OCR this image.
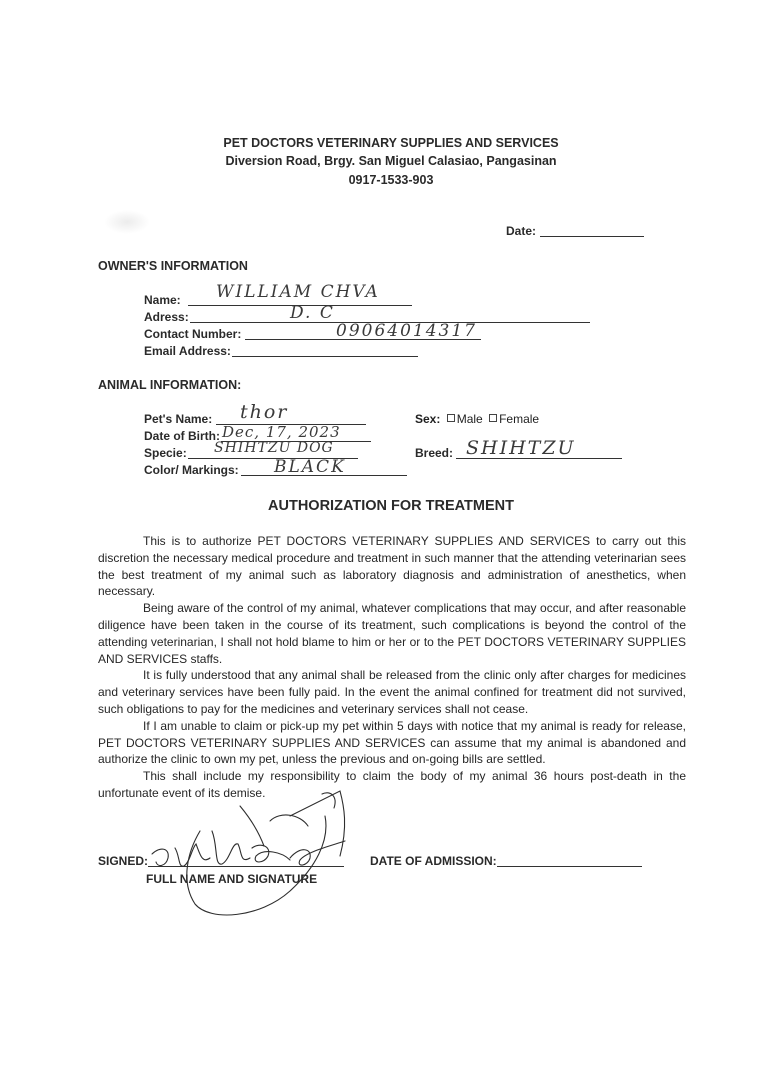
PET DOCTORS VETERINARY SUPPLIES AND SERVICES
Diversion Road, Brgy. San Miguel Calasiao, Pangasinan
0917-1533-903
Date:
OWNER'S INFORMATION
Name: WILLIAM CHVA
Adress:	D. C
Contact Number:	09064014317
Email Address:
ANIMAL INFORMATION:
Pet's Name: thor
Date of Birth: Dec, 17, 2023
Specie: SHIHTZU DOG
Color/ Markings: BLACK
Sex: Male Female
Breed: SHIHTZU
AUTHORIZATION FOR TREATMENT

This is to authorize PET DOCTORS VETERINARY SUPPLIES AND SERVICES to carry out this discretion the necessary medical procedure and treatment in such manner that the attending veterinarian sees the best treatment of my animal such as laboratory diagnosis and administration of anesthetics, when necessary.

Being aware of the control of my animal, whatever complications that may occur, and after reasonable diligence have been taken in the course of its treatment, such complications is beyond the control of the attending veterinarian, I shall not hold blame to him or her or to the PET DOCTORS VETERINARY SUPPLIES AND SERVICES staffs.

It is fully understood that any animal shall be released from the clinic only after charges for medicines and veterinary services have been fully paid. In the event the animal confined for treatment did not survived, such obligations to pay for the medicines and veterinary services shall not cease.

If I am unable to claim or pick-up my pet within 5 days with notice that my animal is ready for release, PET DOCTORS VETERINARY SUPPLIES AND SERVICES can assume that my animal is abandoned and authorize the clinic to own my pet, unless the previous and on-going bills are settled.

This shall include my responsibility to claim the body of my animal 36 hours post-death in the unfortunate event of its demise.

SIGNED:
FULL NAME AND SIGNATURE
DATE OF ADMISSION:
